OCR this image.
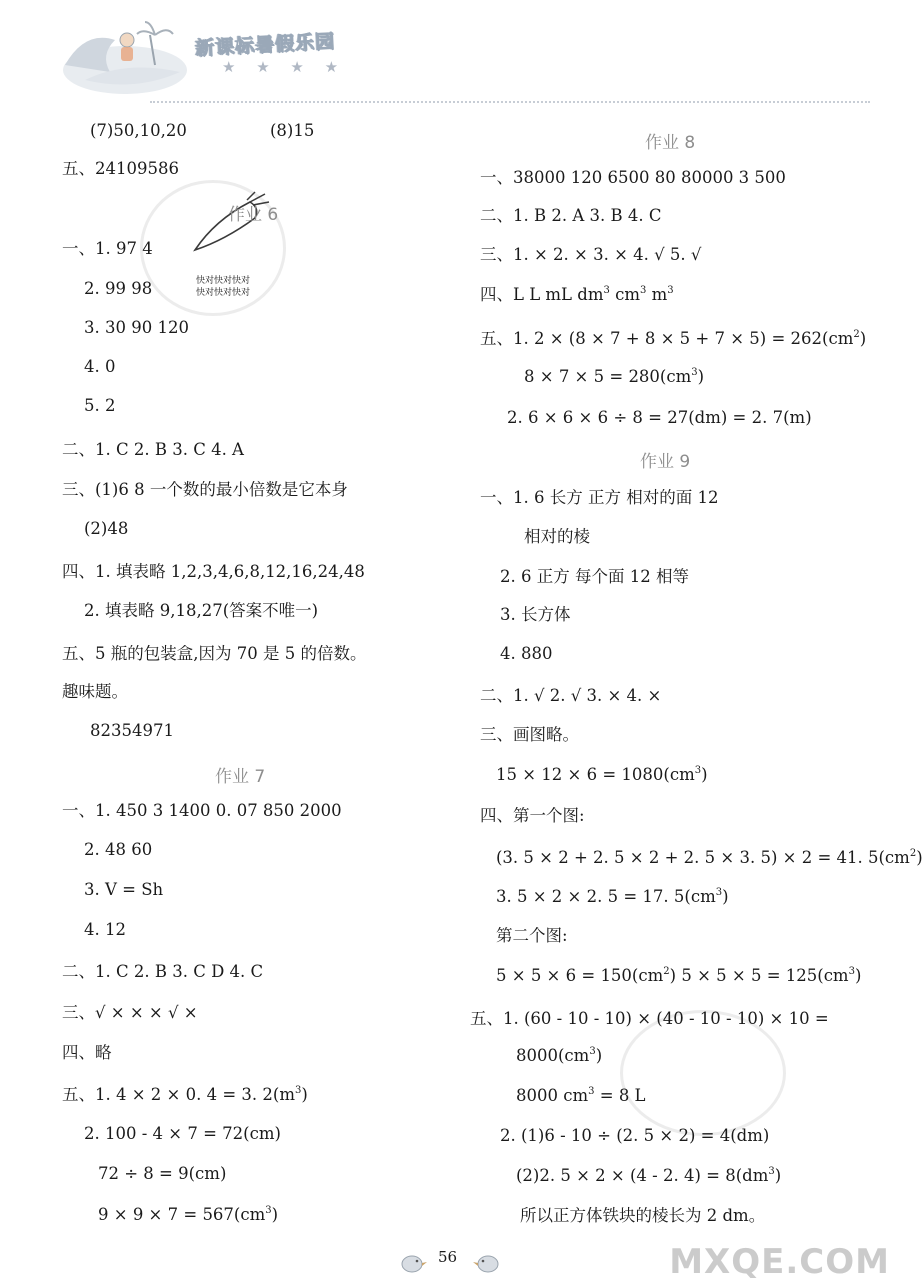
新课标暑假乐园
★ ★ ★ ★
快对快对快对
快对快对快对
(7)50,10,20	(8)15
五、24109586
作业 6
一、1. 97 4
2. 99 98
3. 30 90 120
4. 0
5. 2
二、1. C 2. B 3. C 4. A
三、(1)6 8 一个数的最小倍数是它本身
(2)48
四、1. 填表略 1,2,3,4,6,8,12,16,24,48
2. 填表略 9,18,27(答案不唯一)
五、5 瓶的包装盒,因为 70 是 5 的倍数。
趣味题。
82354971
作业 7
一、1. 450 3 1400 0. 07 850 2000
2. 48 60
3. V = Sh
4. 12
二、1. C 2. B 3. C D 4. C
三、√ × × × √ ×
四、略
五、1. 4 × 2 × 0. 4 = 3. $2(m^3)$
2. 100 - 4 × 7 = 72(cm)
72 ÷ 8 = 9(cm)
$9 \times 9 \times 7 = 567(cm^3)$
作业 8
一、38000 120 6500 80 80000 3 500
二、1. B 2. A 3. B 4. C
三、1. × 2. × 3. × 4. √ 5. √
四、L L mL $dm^3$ $cm^3$ $m^3$
五、1. $2 \times (8 \times 7 + 8 \times 5 + 7 \times 5) = 262(cm^2)$
$8 \times 7 \times 5 = 280(cm^3)$
2. 6 × 6 × 6 ÷ 8 = 27(dm) = 2. 7(m)
作业 9
一、1. 6 长方 正方 相对的面 12
相对的棱
2. 6 正方 每个面 12 相等
3. 长方体
4. 880
二、1. √ 2. √ 3. × 4. ×
三、画图略。
$15 \times 12 \times 6 = 1080(cm^3)$
四、第一个图:
(3. 5 × 2 + 2. 5 × 2 + 2. 5 × 3. 5) × 2 = 41. $5(cm^2)$
3. 5 × 2 × 2. 5 = 17. $5(cm^3)$
第二个图:
$5 \times 5 \times 6 = 150(cm^2) 5 \times 5 \times 5 = 125(cm^3)$
五、1. (60 - 10 - 10) × (40 - 10 - 10) × 10 =
$8000(cm^3)$
8000 $cm^3 = 8$ L
2. (1)6 - 10 ÷ (2. 5 × 2) = 4(dm)
(2)2. 5 × 2 × (4 - 2. $4) = 8(dm^3)$
所以正方体铁块的棱长为 2 dm。
56	MXQE.COM
